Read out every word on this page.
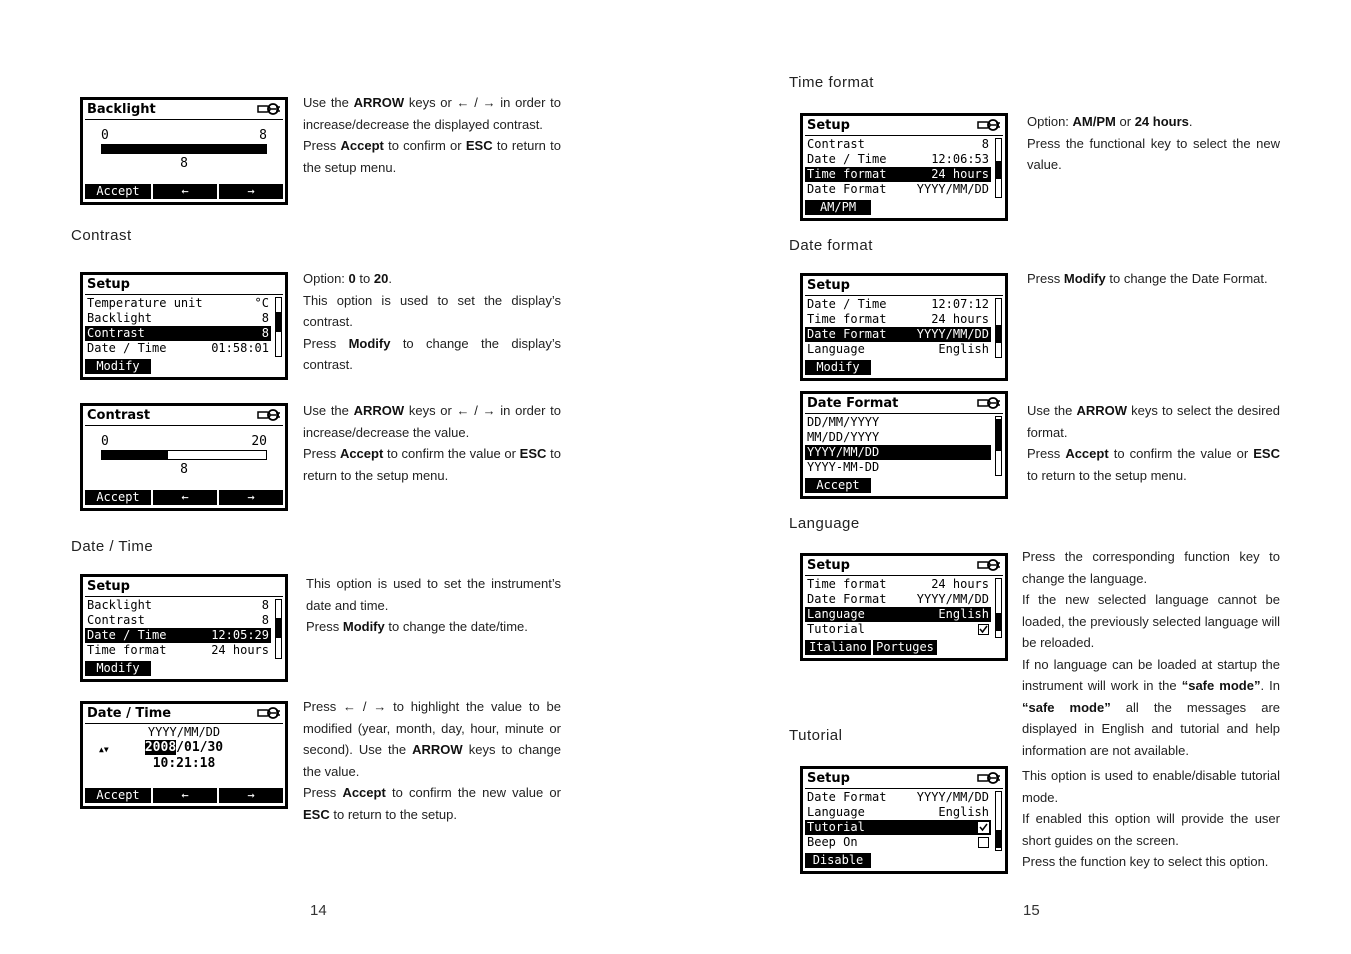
Backlight
0	8
8
Accept	←	→

Use the ARROW keys or ← / → in order to increase/decrease the displayed contrast.

Press Accept to confirm or ESC to return to the setup menu.

Contrast
Setup
Temperature unit	°C
Backlight	8
Contrast	8
Date / Time	01:58:01
Modify

Option: 0 to 20.

This option is used to set the display’s contrast.

Press Modify to change the display’s contrast.

Contrast
0	20
8
Accept	←	→

Use the ARROW keys or ← / → in order to increase/decrease the value.

Press Accept to confirm the value or ESC to return to the setup menu.

Date / Time
Setup
Backlight	8
Contrast	8
Date / Time	12:05:29
Time format	24 hours
Modify

This option is used to set the instrument’s date and time.

Press Modify to change the date/time.

Date / Time
YYYY/MM/DD
2008/01/30
10:21:18
▲▼
Accept	←	→

Press ← / → to highlight the value to be modified (year, month, day, hour, minute or second). Use the ARROW keys to change the value.

Press Accept to confirm the new value or ESC to return to the setup.

14
Time format
Setup
Contrast	8
Date / Time	12:06:53
Time format	24 hours
Date Format	YYYY/MM/DD
AM/PM

Option: AM/PM or 24 hours.

Press the functional key to select the new value.

Date format
Setup
Date / Time	12:07:12
Time format	24 hours
Date Format	YYYY/MM/DD
Language	English
Modify

Press Modify to change the Date Format.

Date Format
DD/MM/YYYY
MM/DD/YYYY
YYYY/MM/DD
YYYY-MM-DD
Accept

Use the ARROW keys to select the desired format.

Press Accept to confirm the value or ESC to return to the setup menu.

Language
Setup
Time format	24 hours
Date Format	YYYY/MM/DD
Language	English
Tutorial
Italiano Portuges

Press the corresponding function key to change the language.

If the new selected language cannot be loaded, the previously selected language will be reloaded.

If no language can be loaded at startup the instrument will work in the “safe mode”. In “safe mode” all the messages are displayed in English and tutorial and help information are not available.

Tutorial
Setup
Date Format	YYYY/MM/DD
Language	English
Tutorial
Beep On
Disable

This option is used to enable/disable tutorial mode.

If enabled this option will provide the user short guides on the screen.

Press the function key to select this option.

15
